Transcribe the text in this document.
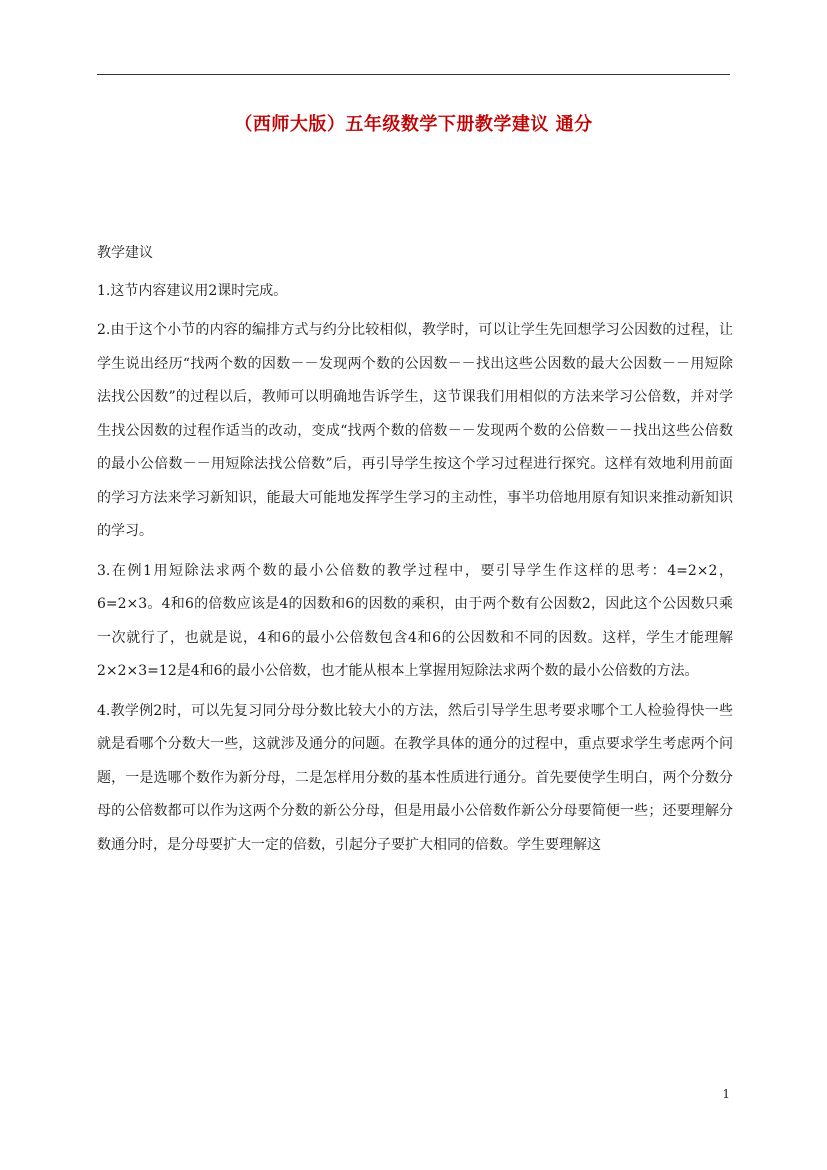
（西师大版）五年级数学下册教学建议 通分

教学建议

1.这节内容建议用2课时完成。

2.由于这个小节的内容的编排方式与约分比较相似，教学时，可以让学生先回想学习公因数的过程，让学生说出经历“找两个数的因数－－发现两个数的公因数－－找出这些公因数的最大公因数－－用短除法找公因数”的过程以后，教师可以明确地告诉学生，这节课我们用相似的方法来学习公倍数，并对学生找公因数的过程作适当的改动，变成“找两个数的倍数－－发现两个数的公倍数－－找出这些公倍数的最小公倍数－－用短除法找公倍数”后，再引导学生按这个学习过程进行探究。这样有效地利用前面的学习方法来学习新知识，能最大可能地发挥学生学习的主动性，事半功倍地用原有知识来推动新知识的学习。

3.在例1用短除法求两个数的最小公倍数的教学过程中，要引导学生作这样的思考：4=2×2，6=2×3。4和6的倍数应该是4的因数和6的因数的乘积，由于两个数有公因数2，因此这个公因数只乘一次就行了，也就是说，4和6的最小公倍数包含4和6的公因数和不同的因数。这样，学生才能理解2×2×3=12是4和6的最小公倍数，也才能从根本上掌握用短除法求两个数的最小公倍数的方法。

4.教学例2时，可以先复习同分母分数比较大小的方法，然后引导学生思考要求哪个工人检验得快一些就是看哪个分数大一些，这就涉及通分的问题。在教学具体的通分的过程中，重点要求学生考虑两个问题，一是选哪个数作为新分母，二是怎样用分数的基本性质进行通分。首先要使学生明白，两个分数分母的公倍数都可以作为这两个分数的新公分母，但是用最小公倍数作新公分母要简便一些；还要理解分数通分时，是分母要扩大一定的倍数，引起分子要扩大相同的倍数。学生要理解这

1
